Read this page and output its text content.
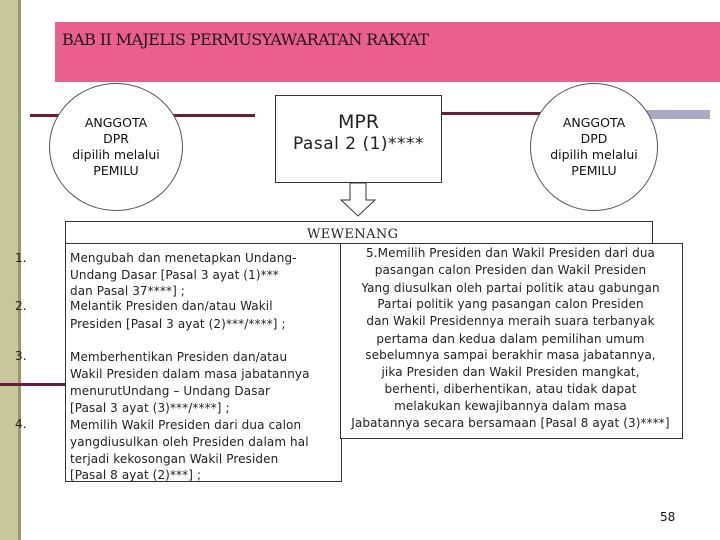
BAB II MAJELIS PERMUSYAWARATAN RAKYAT
ANGGOTA
DPR
dipilih melalui
PEMILU
ANGGOTA
DPD
dipilih melalui
PEMILU
MPR
Pasal 2 (1)****
WEWENANG
1.	Mengubah dan menetapkan Undang-
Undang Dasar [Pasal 3 ayat (1)***
dan Pasal 37****] ;
2.	Melantik Presiden dan/atau Wakil
Presiden [Pasal 3 ayat (2)***/****] ;
3.	Memberhentikan Presiden dan/atau
Wakil Presiden dalam masa jabatannya
menurutUndang – Undang Dasar
[Pasal 3 ayat (3)***/****] ;
4.	Memilih Wakil Presiden dari dua calon
yangdiusulkan oleh Presiden dalam hal
terjadi kekosongan Wakil Presiden
[Pasal 8 ayat (2)***] ;
5.Memilih Presiden dan Wakil Presiden dari dua
pasangan calon Presiden dan Wakil Presiden
Yang diusulkan oleh partai politik atau gabungan
Partai politik yang pasangan calon Presiden
dan Wakil Presidennya meraih suara terbanyak
pertama dan kedua dalam pemilihan umum
sebelumnya sampai berakhir masa jabatannya,
jika Presiden dan Wakil Presiden mangkat,
berhenti, diberhentikan, atau tidak dapat
melakukan kewajibannya dalam masa
Jabatannya secara bersamaan [Pasal 8 ayat (3)****]
58
